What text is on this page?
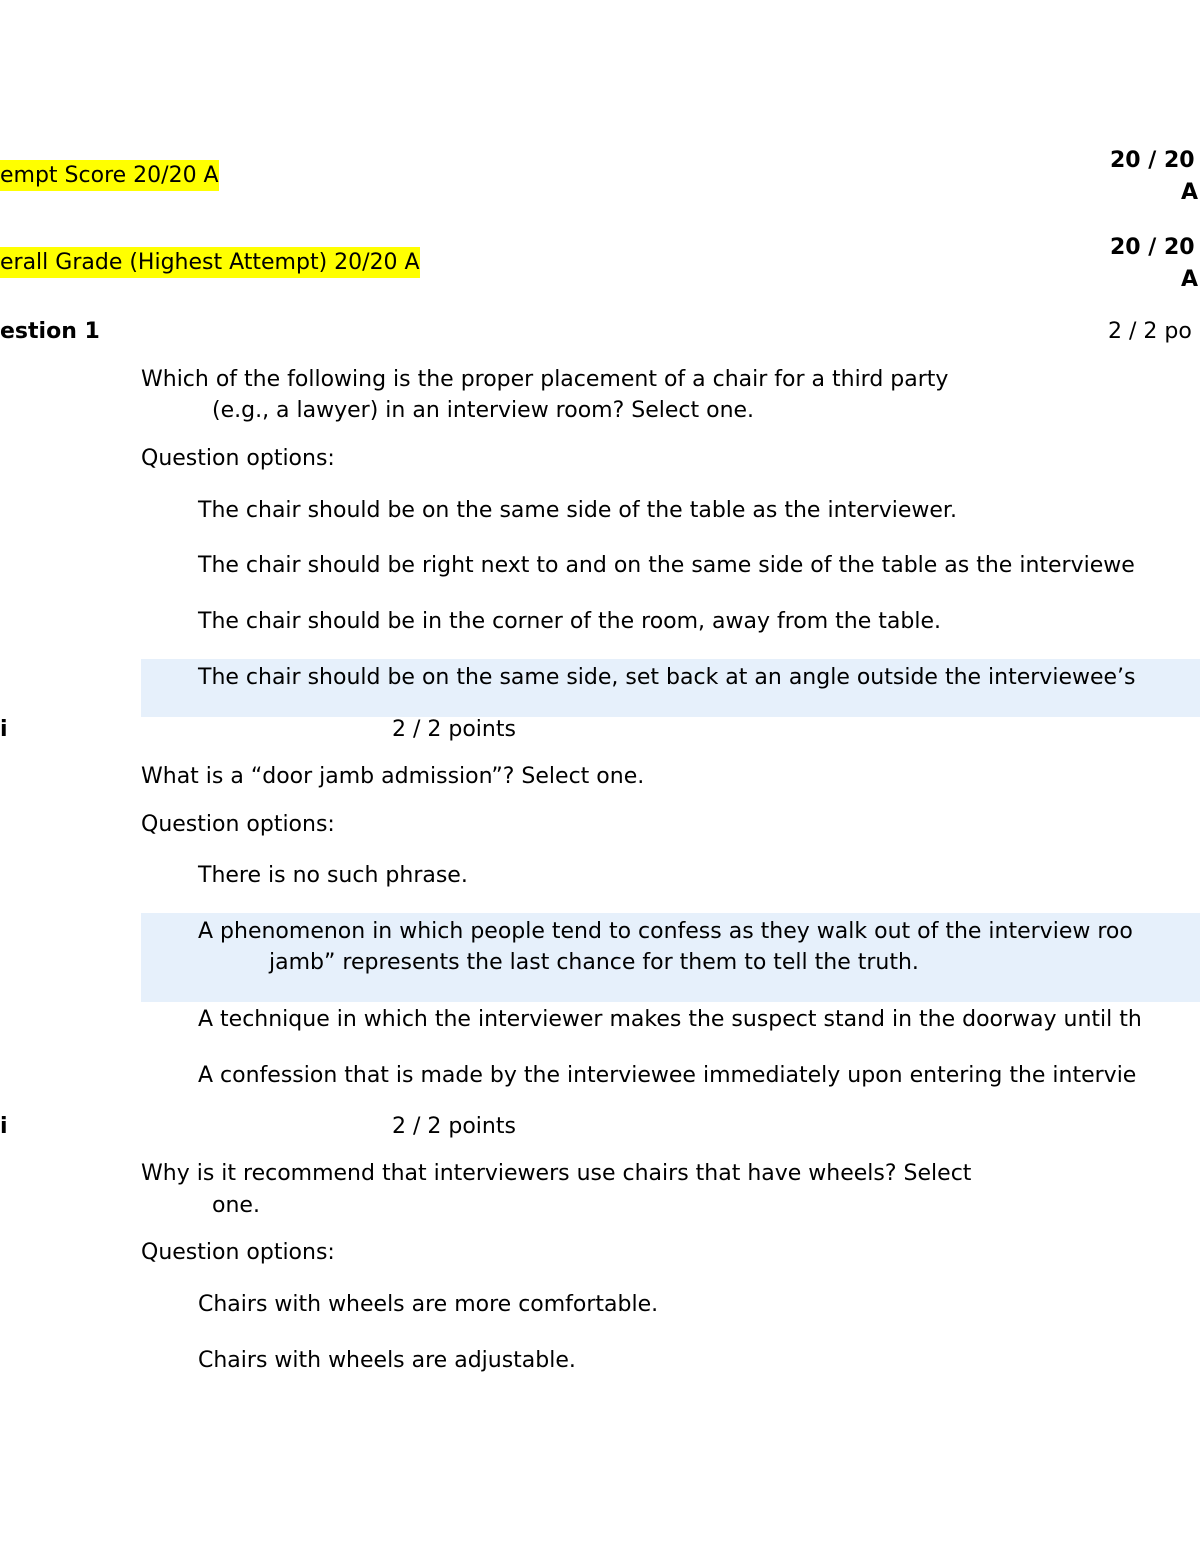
empt Score 20/20 A
20 / 20
A
erall Grade (Highest Attempt) 20/20 A
20 / 20
A
estion 1	2 / 2 po
Which of the following is the proper placement of a chair for a third party
(e.g., a lawyer) in an interview room? Select one.
Question options:
The chair should be on the same side of the table as the interviewer.
The chair should be right next to and on the same side of the table as the interviewe
The chair should be in the corner of the room, away from the table.
The chair should be on the same side, set back at an angle outside the interviewee’s
i	2 / 2 points
What is a “door jamb admission”? Select one.
Question options:
There is no such phrase.
A phenomenon in which people tend to confess as they walk out of the interview roo
jamb” represents the last chance for them to tell the truth.
A technique in which the interviewer makes the suspect stand in the doorway until th
A confession that is made by the interviewee immediately upon entering the intervie
i	2 / 2 points
Why is it recommend that interviewers use chairs that have wheels? Select
one.
Question options:
Chairs with wheels are more comfortable.
Chairs with wheels are adjustable.
